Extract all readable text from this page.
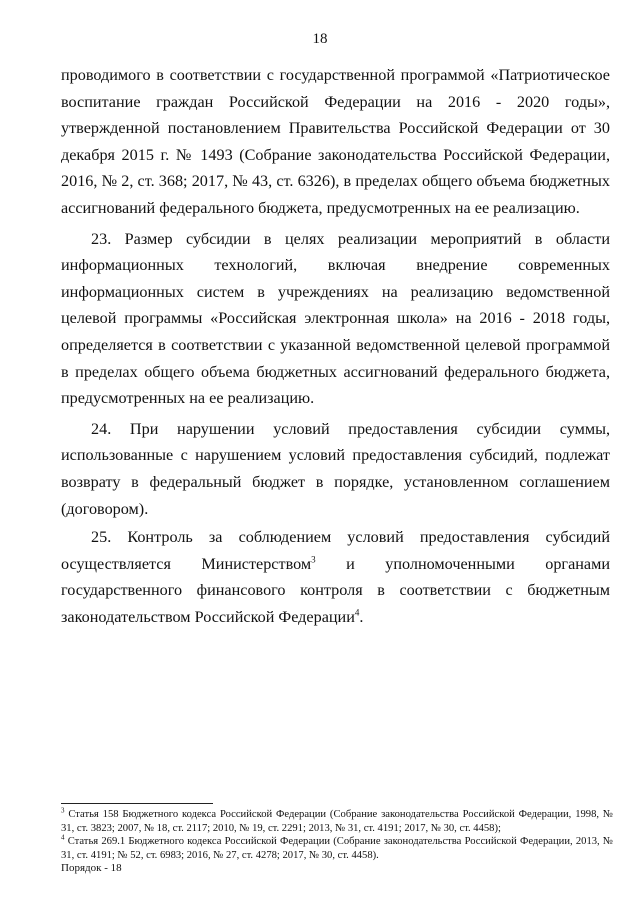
18

проводимого в соответствии с государственной программой «Патриотическое воспитание граждан Российской Федерации на 2016 - 2020 годы», утвержденной постановлением Правительства Российской Федерации от 30 декабря 2015 г. № 1493 (Собрание законодательства Российской Федерации, 2016, № 2, ст. 368; 2017, № 43, ст. 6326), в пределах общего объема бюджетных ассигнований федерального бюджета, предусмотренных на ее реализацию.

23. Размер субсидии в целях реализации мероприятий в области информационных технологий, включая внедрение современных информационных систем в учреждениях на реализацию ведомственной целевой программы «Российская электронная школа» на 2016 - 2018 годы, определяется в соответствии с указанной ведомственной целевой программой в пределах общего объема бюджетных ассигнований федерального бюджета, предусмотренных на ее реализацию.

24. При нарушении условий предоставления субсидии суммы, использованные с нарушением условий предоставления субсидий, подлежат возврату в федеральный бюджет в порядке, установленном соглашением (договором).

25. Контроль за соблюдением условий предоставления субсидий осуществляется Министерством$^3$ и уполномоченными органами государственного финансового контроля в соответствии с бюджетным законодательством Российской Федерации$^4$.

$^3$ Статья 158 Бюджетного кодекса Российской Федерации (Собрание законодательства Российской Федерации, 1998, № 31, ст. 3823; 2007, № 18, ст. 2117; 2010, № 19, ст. 2291; 2013, № 31, ст. 4191; 2017, № 30, ст. 4458);

$^4$ Статья 269.1 Бюджетного кодекса Российской Федерации (Собрание законодательства Российской Федерации, 2013, № 31, ст. 4191; № 52, ст. 6983; 2016, № 27, ст. 4278; 2017, № 30, ст. 4458).

Порядок - 18
